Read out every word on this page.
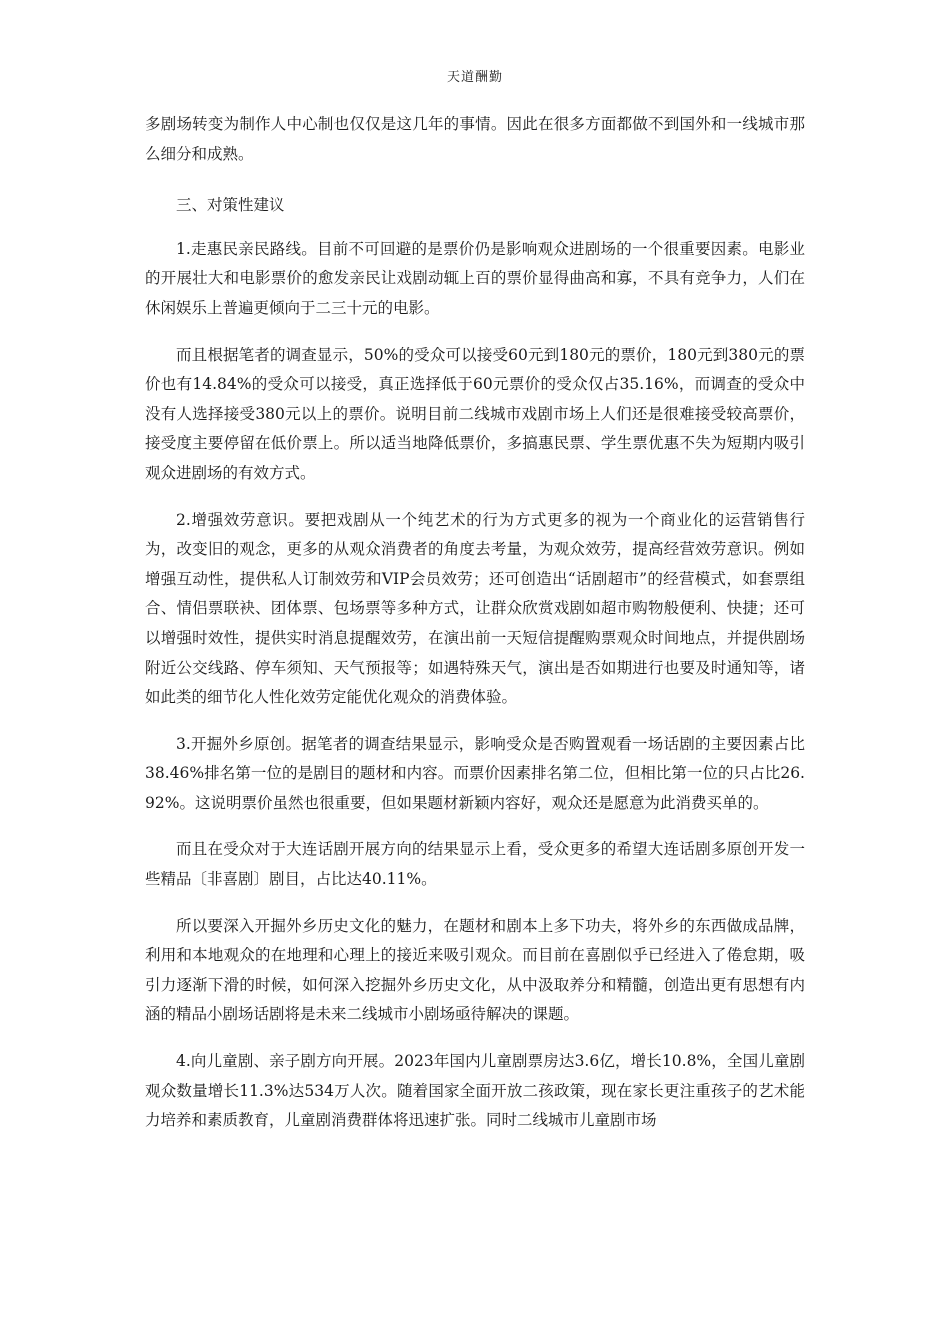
天道酬勤

多剧场转变为制作人中心制也仅仅是这几年的事情。因此在很多方面都做不到国外和一线城市那么细分和成熟。

三、对策性建议

1.走惠民亲民路线。目前不可回避的是票价仍是影响观众进剧场的一个很重要因素。电影业的开展壮大和电影票价的愈发亲民让戏剧动辄上百的票价显得曲高和寡，不具有竞争力，人们在休闲娱乐上普遍更倾向于二三十元的电影。

而且根据笔者的调查显示，50%的受众可以接受60元到180元的票价，180元到380元的票价也有14.84%的受众可以接受，真正选择低于60元票价的受众仅占35.16%，而调查的受众中没有人选择接受380元以上的票价。说明目前二线城市戏剧市场上人们还是很难接受较高票价，接受度主要停留在低价票上。所以适当地降低票价，多搞惠民票、学生票优惠不失为短期内吸引观众进剧场的有效方式。

2.增强效劳意识。要把戏剧从一个纯艺术的行为方式更多的视为一个商业化的运营销售行为，改变旧的观念，更多的从观众消费者的角度去考量，为观众效劳，提高经营效劳意识。例如增强互动性，提供私人订制效劳和VIP会员效劳；还可创造出“话剧超市”的经营模式，如套票组合、情侣票联袂、团体票、包场票等多种方式，让群众欣赏戏剧如超市购物般便利、快捷；还可以增强时效性，提供实时消息提醒效劳，在演出前一天短信提醒购票观众时间地点，并提供剧场附近公交线路、停车须知、天气预报等；如遇特殊天气，演出是否如期进行也要及时通知等，诸如此类的细节化人性化效劳定能优化观众的消费体验。

3.开掘外乡原创。据笔者的调查结果显示，影响受众是否购置观看一场话剧的主要因素占比38.46%排名第一位的是剧目的题材和内容。而票价因素排名第二位，但相比第一位的只占比26.92%。这说明票价虽然也很重要，但如果题材新颖内容好，观众还是愿意为此消费买单的。

而且在受众对于大连话剧开展方向的结果显示上看，受众更多的希望大连话剧多原创开发一些精品〔非喜剧〕剧目，占比达40.11%。

所以要深入开掘外乡历史文化的魅力，在题材和剧本上多下功夫，将外乡的东西做成品牌，利用和本地观众的在地理和心理上的接近来吸引观众。而目前在喜剧似乎已经进入了倦怠期，吸引力逐渐下滑的时候，如何深入挖掘外乡历史文化，从中汲取养分和精髓，创造出更有思想有内涵的精品小剧场话剧将是未来二线城市小剧场亟待解决的课题。

4.向儿童剧、亲子剧方向开展。2023年国内儿童剧票房达3.6亿，增长10.8%，全国儿童剧观众数量增长11.3%达534万人次。随着国家全面开放二孩政策，现在家长更注重孩子的艺术能力培养和素质教育，儿童剧消费群体将迅速扩张。同时二线城市儿童剧市场
